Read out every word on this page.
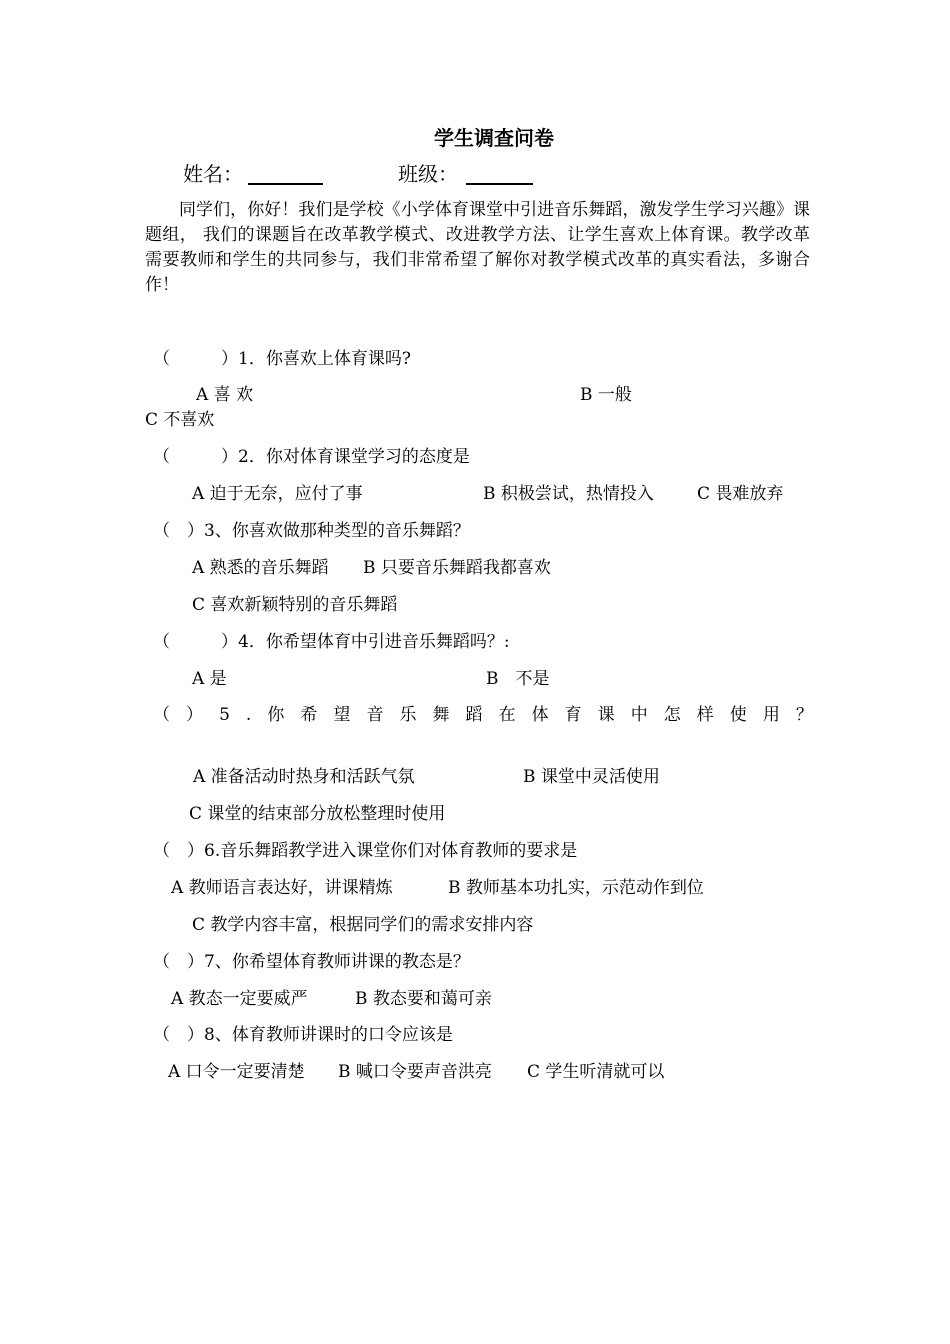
学生调查问卷
姓名：	班级：
同学们，你好！我们是学校《小学体育课堂中引进音乐舞蹈，激发学生学习兴趣》课题组， 我们的课题旨在改革教学模式、改进教学方法、让学生喜欢上体育课。教学改革需要教师和学生的共同参与，我们非常希望了解你对教学模式改革的真实看法，多谢合作！
（　　　）1．你喜欢上体育课吗?
A 喜 欢	B 一般
C 不喜欢
（　　　）2．你对体育课堂学习的态度是
A 迫于无奈，应付了事	B 积极尝试，热情投入	C 畏难放弃
（　）3、你喜欢做那种类型的音乐舞蹈？
A 熟悉的音乐舞蹈 B 只要音乐舞蹈我都喜欢
C 喜欢新颖特别的音乐舞蹈
（　　　）4．你希望体育中引进音乐舞蹈吗？:
A 是	B　不是
（ ） 5 . 你 希 望 音 乐 舞 蹈 在 体 育 课 中 怎 样 使 用 ？
A 准备活动时热身和活跃气氛	B 课堂中灵活使用
C 课堂的结束部分放松整理时使用
（　）6.音乐舞蹈教学进入课堂你们对体育教师的要求是
A 教师语言表达好，讲课精炼	B 教师基本功扎实，示范动作到位
C 教学内容丰富，根据同学们的需求安排内容
（　）7、你希望体育教师讲课的教态是？
A 教态一定要威严	B 教态要和蔼可亲
（　）8、体育教师讲课时的口令应该是
A 口令一定要清楚 B 喊口令要声音洪亮 C 学生听清就可以
